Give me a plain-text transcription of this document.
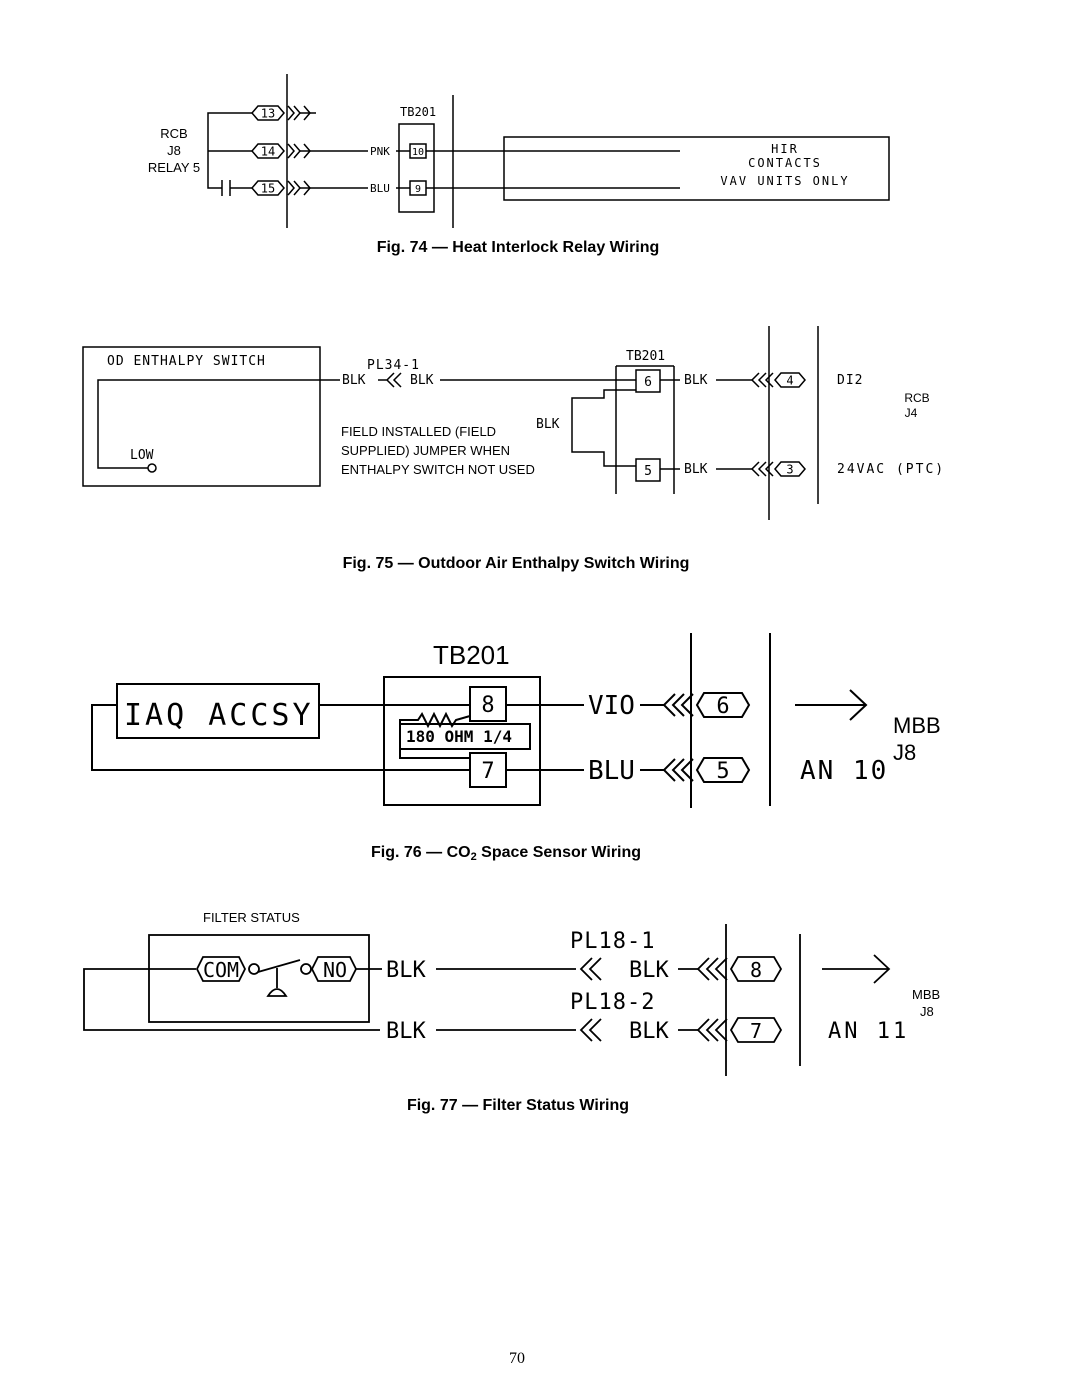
RCB
J8
RELAY 5
13
14
15
TB201
PNK
BLU
10
9
HIR
CONTACTS
VAV UNITS ONLY
Fig. 74 — Heat Interlock Relay Wiring
OD ENTHALPY SWITCH
LOW
PL34-1
BLK	BLK
FIELD INSTALLED (FIELD
SUPPLIED) JUMPER WHEN
ENTHALPY SWITCH NOT USED
BLK
TB201
6
5
BLK
BLK
4
3
DI2
24VAC (PTC)
RCB
J4
Fig. 75 — Outdoor Air Enthalpy Switch Wiring
TB201
IAQ ACCSY	8
7
180 OHM 1/4
VIO
BLU
6
5	AN 10
MBB
J8
Fig. 76 — CO2 Space Sensor Wiring
FILTER STATUS
COM	NO BLK
BLK
PL18-1
PL18-2
BLK
BLK
8
7	AN 11
MBB
J8
Fig. 77 — Filter Status Wiring
70
